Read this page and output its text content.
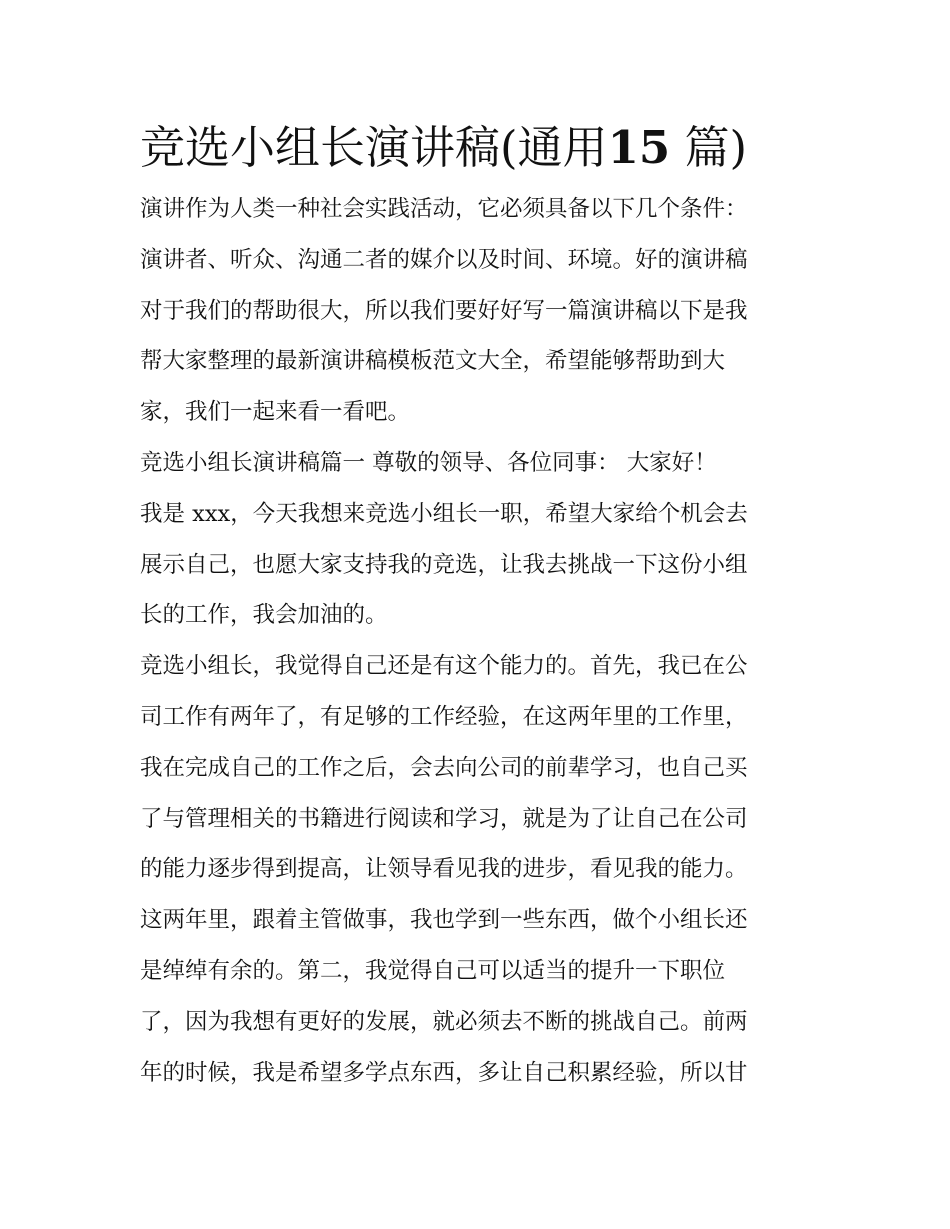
竞选小组长演讲稿(通用15 篇)

演讲作为人类一种社会实践活动，它必须具备以下几个条件：

演讲者、听众、沟通二者的媒介以及时间、环境。好的演讲稿

对于我们的帮助很大，所以我们要好好写一篇演讲稿以下是我

帮大家整理的最新演讲稿模板范文大全，希望能够帮助到大

家，我们一起来看一看吧。

竞选小组长演讲稿篇一 尊敬的领导、各位同事： 大家好！

我是 xxx，今天我想来竞选小组长一职，希望大家给个机会去

展示自己，也愿大家支持我的竞选，让我去挑战一下这份小组

长的工作，我会加油的。

竞选小组长，我觉得自己还是有这个能力的。首先，我已在公

司工作有两年了，有足够的工作经验，在这两年里的工作里，

我在完成自己的工作之后，会去向公司的前辈学习，也自己买

了与管理相关的书籍进行阅读和学习，就是为了让自己在公司

的能力逐步得到提高，让领导看见我的进步，看见我的能力。

这两年里，跟着主管做事，我也学到一些东西，做个小组长还

是绰绰有余的。第二，我觉得自己可以适当的提升一下职位

了，因为我想有更好的发展，就必须去不断的挑战自己。前两

年的时候，我是希望多学点东西，多让自己积累经验，所以甘
